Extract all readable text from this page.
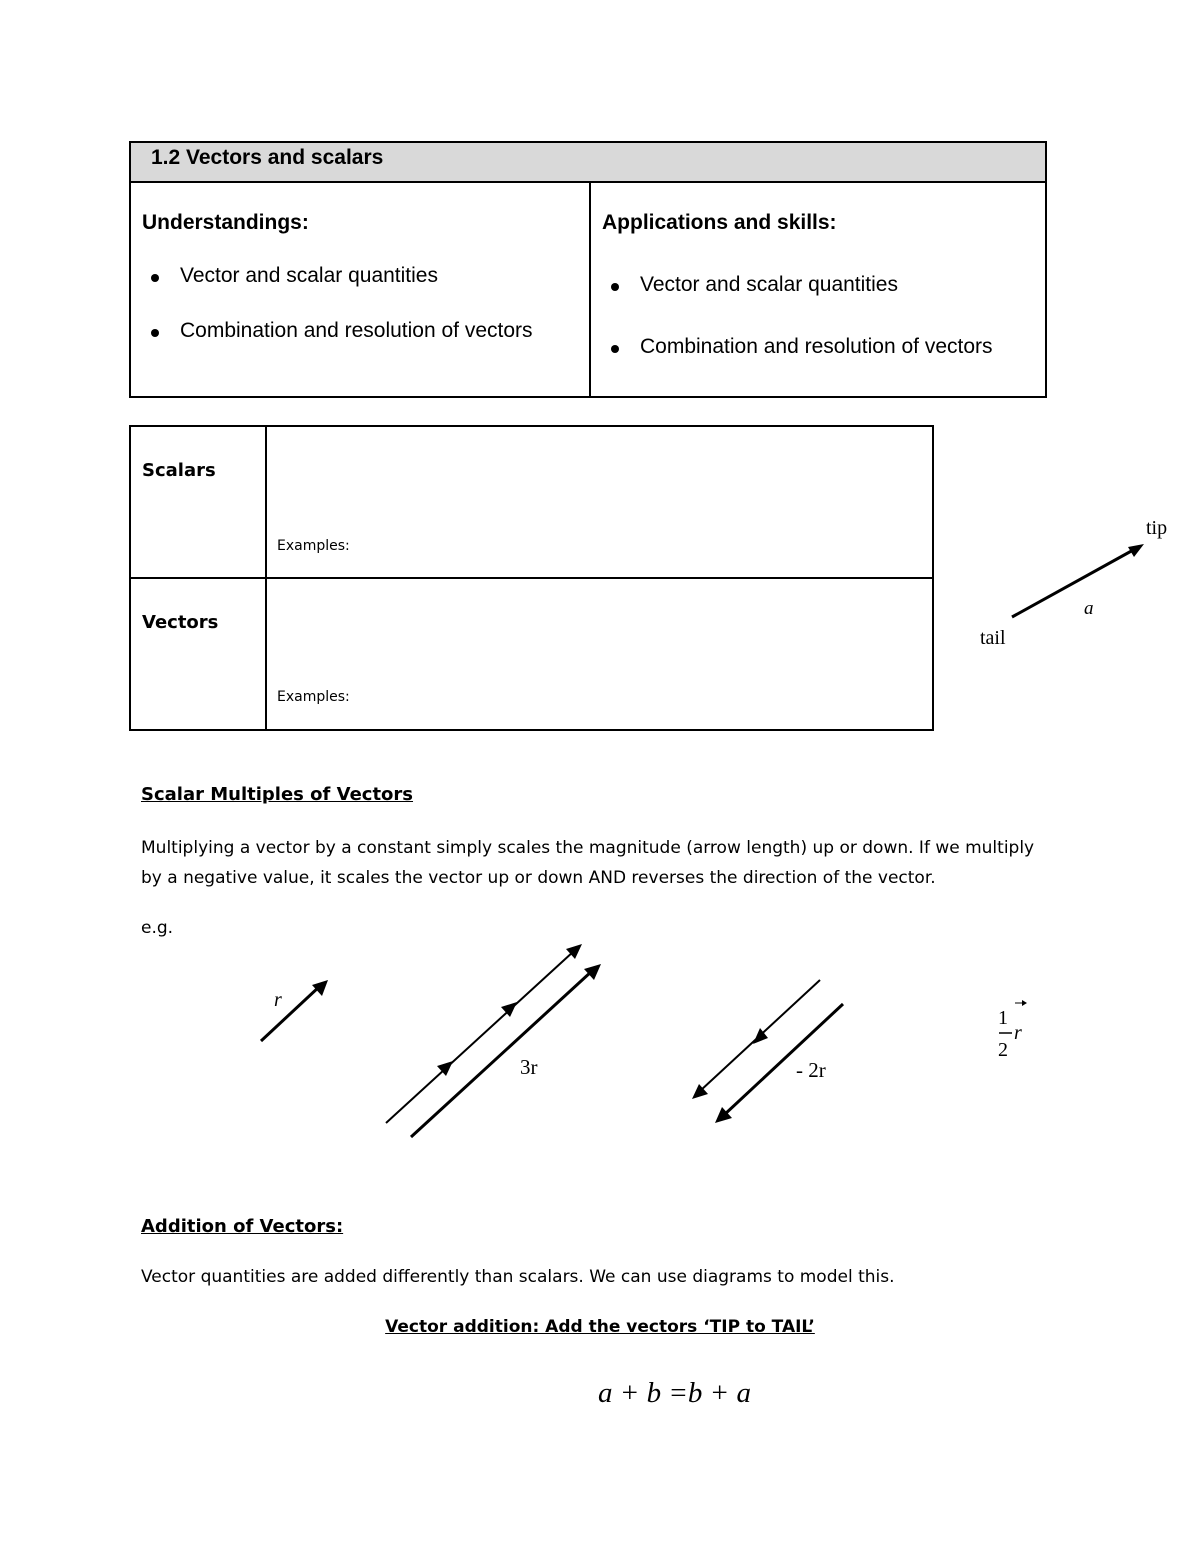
1.2 Vectors and scalars
Understandings:
Vector and scalar quantities
Combination and resolution of vectors
Applications and skills:
Vector and scalar quantities
Combination and resolution of vectors
Scalars
Examples:
Vectors
Examples:
tip
tail
a
Scalar Multiples of Vectors
Multiplying a vector by a constant simply scales the magnitude (arrow length) up or down. If we multiply by a negative value, it scales the vector up or down AND reverses the direction of the vector.
e.g.
r
3r	- 2r
1
2
r
Addition of Vectors:
Vector quantities are added differently than scalars. We can use diagrams to model this.
Vector addition: Add the vectors ‘TIP to TAIL’
a + b =b + a
